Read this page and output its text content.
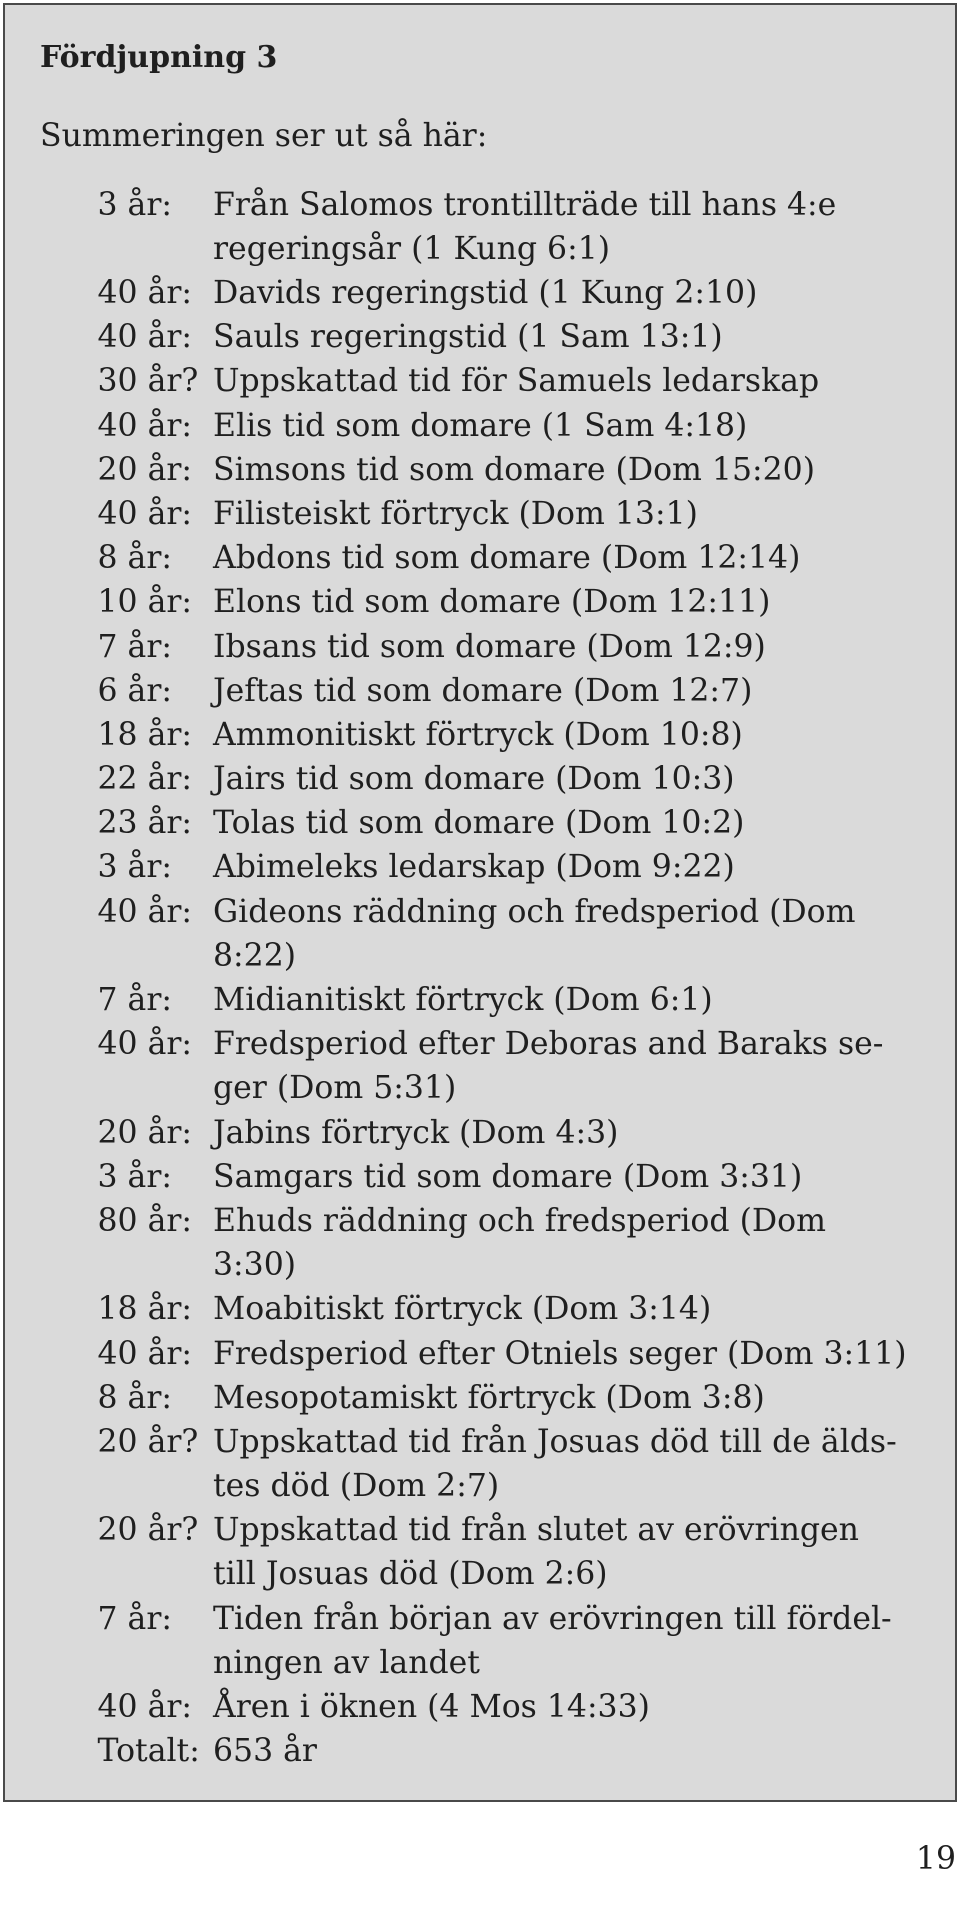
Fördjupning 3
Summeringen ser ut så här:
3 år:	Från Salomos trontillträde till hans 4:e
regeringsår (1 Kung 6:1)
40 år: Davids regeringstid (1 Kung 2:10)
40 år: Sauls regeringstid (1 Sam 13:1)
30 år? Uppskattad tid för Samuels ledarskap
40 år: Elis tid som domare (1 Sam 4:18)
20 år: Simsons tid som domare (Dom 15:20)
40 år: Filisteiskt förtryck (Dom 13:1)
8 år:	Abdons tid som domare (Dom 12:14)
10 år: Elons tid som domare (Dom 12:11)
7 år:	Ibsans tid som domare (Dom 12:9)
6 år:	Jeftas tid som domare (Dom 12:7)
18 år: Ammonitiskt förtryck (Dom 10:8)
22 år: Jairs tid som domare (Dom 10:3)
23 år: Tolas tid som domare (Dom 10:2)
3 år:	Abimeleks ledarskap (Dom 9:22)
40 år: Gideons räddning och fredsperiod (Dom
8:22)
7 år:	Midianitiskt förtryck (Dom 6:1)
40 år: Fredsperiod efter Deboras and Baraks se-
ger (Dom 5:31)
20 år: Jabins förtryck (Dom 4:3)
3 år:	Samgars tid som domare (Dom 3:31)
80 år: Ehuds räddning och fredsperiod (Dom
3:30)
18 år: Moabitiskt förtryck (Dom 3:14)
40 år: Fredsperiod efter Otniels seger (Dom 3:11)
8 år:	Mesopotamiskt förtryck (Dom 3:8)
20 år? Uppskattad tid från Josuas död till de älds-
tes död (Dom 2:7)
20 år? Uppskattad tid från slutet av erövringen
till Josuas död (Dom 2:6)
7 år:	Tiden från början av erövringen till fördel-
ningen av landet
40 år: Åren i öknen (4 Mos 14:33)
Totalt: 653 år
19
